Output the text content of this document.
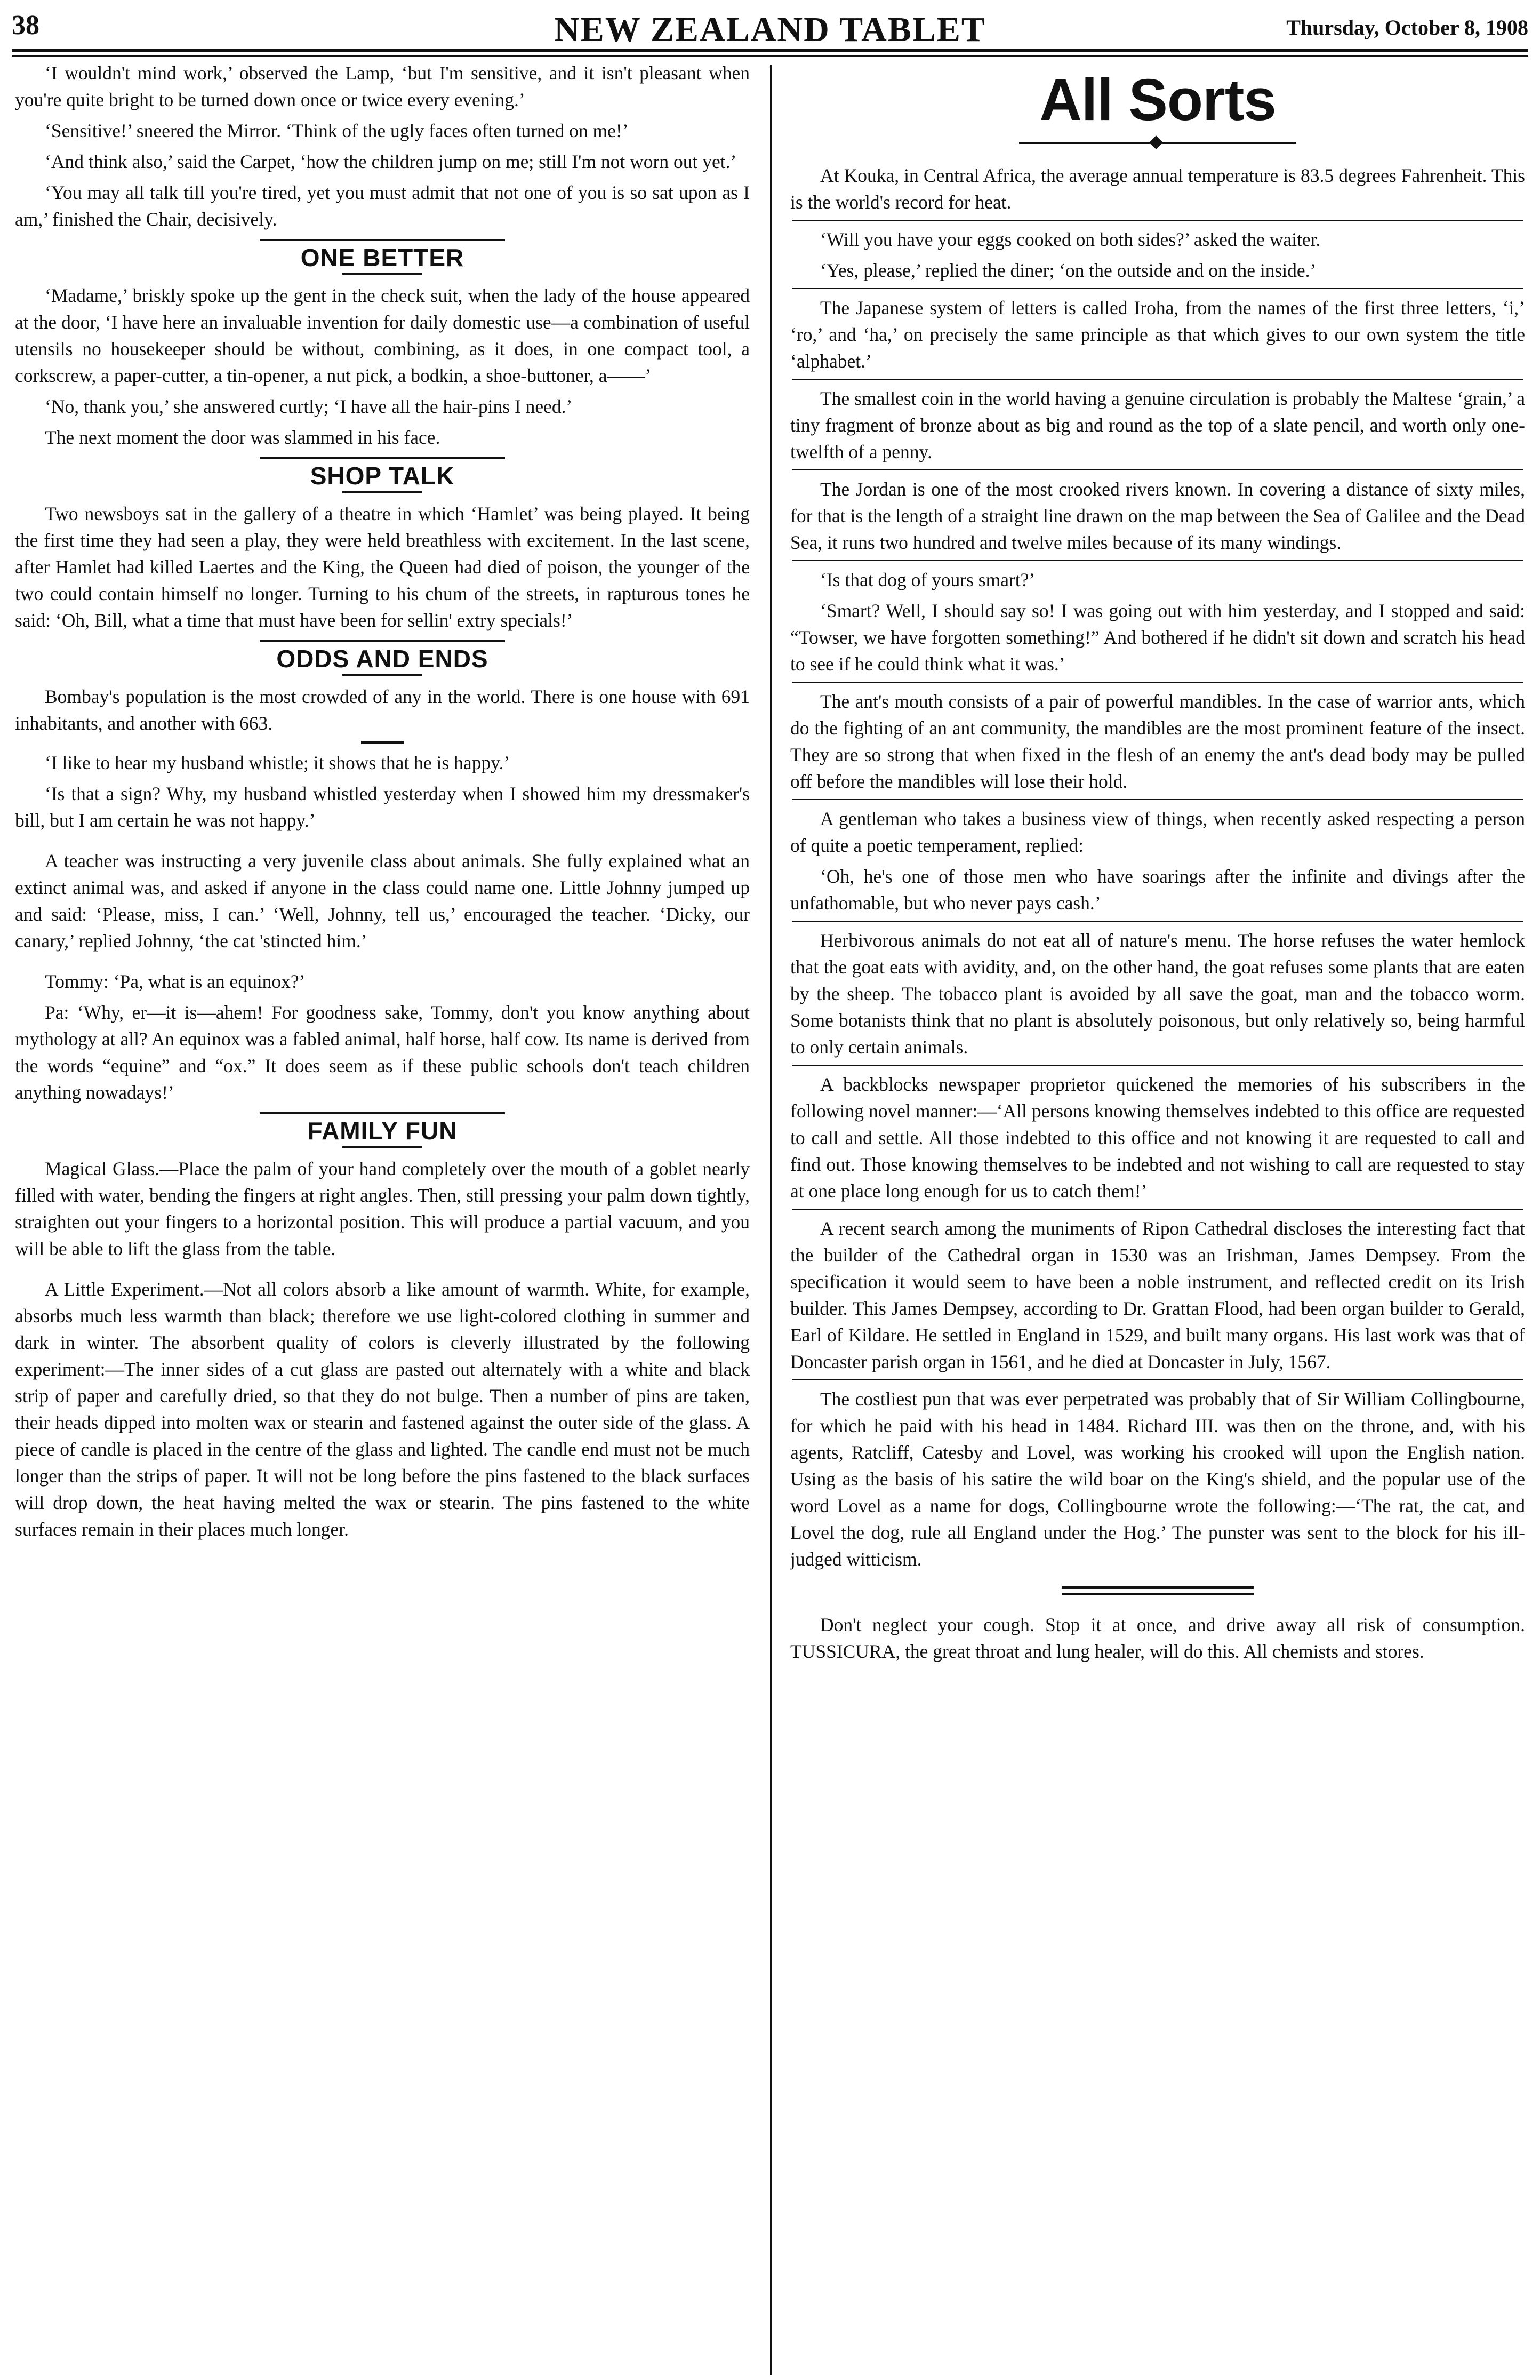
38	NEW ZEALAND TABLET	Thursday, October 8, 1908

‘I wouldn't mind work,’ observed the Lamp, ‘but I'm sensitive, and it isn't pleasant when you're quite bright to be turned down once or twice every evening.’

‘Sensitive!’ sneered the Mirror. ‘Think of the ugly faces often turned on me!’

‘And think also,’ said the Carpet, ‘how the children jump on me; still I'm not worn out yet.’

‘You may all talk till you're tired, yet you must admit that not one of you is so sat upon as I am,’ finished the Chair, decisively.

ONE BETTER

‘Madame,’ briskly spoke up the gent in the check suit, when the lady of the house appeared at the door, ‘I have here an invaluable invention for daily domestic use—a combination of useful utensils no housekeeper should be without, combining, as it does, in one compact tool, a corkscrew, a paper-cutter, a tin-opener, a nut pick, a bodkin, a shoe-buttoner, a——’

‘No, thank you,’ she answered curtly; ‘I have all the hair-pins I need.’

The next moment the door was slammed in his face.

SHOP TALK

Two newsboys sat in the gallery of a theatre in which ‘Hamlet’ was being played. It being the first time they had seen a play, they were held breathless with excitement. In the last scene, after Hamlet had killed Laertes and the King, the Queen had died of poison, the younger of the two could contain himself no longer. Turning to his chum of the streets, in rapturous tones he said: ‘Oh, Bill, what a time that must have been for sellin' extry specials!’

ODDS AND ENDS

Bombay's population is the most crowded of any in the world. There is one house with 691 inhabitants, and another with 663.

‘I like to hear my husband whistle; it shows that he is happy.’

‘Is that a sign? Why, my husband whistled yesterday when I showed him my dressmaker's bill, but I am certain he was not happy.’

A teacher was instructing a very juvenile class about animals. She fully explained what an extinct animal was, and asked if anyone in the class could name one. Little Johnny jumped up and said: ‘Please, miss, I can.’ ‘Well, Johnny, tell us,’ encouraged the teacher. ‘Dicky, our canary,’ replied Johnny, ‘the cat 'stincted him.’

Tommy: ‘Pa, what is an equinox?’

Pa: ‘Why, er—it is—ahem! For goodness sake, Tommy, don't you know anything about mythology at all? An equinox was a fabled animal, half horse, half cow. Its name is derived from the words “equine” and “ox.” It does seem as if these public schools don't teach children anything nowadays!’

FAMILY FUN

Magical Glass.—Place the palm of your hand completely over the mouth of a goblet nearly filled with water, bending the fingers at right angles. Then, still pressing your palm down tightly, straighten out your fingers to a horizontal position. This will produce a partial vacuum, and you will be able to lift the glass from the table.

A Little Experiment.—Not all colors absorb a like amount of warmth. White, for example, absorbs much less warmth than black; therefore we use light-colored clothing in summer and dark in winter. The absorbent quality of colors is cleverly illustrated by the following experiment:—The inner sides of a cut glass are pasted out alternately with a white and black strip of paper and carefully dried, so that they do not bulge. Then a number of pins are taken, their heads dipped into molten wax or stearin and fastened against the outer side of the glass. A piece of candle is placed in the centre of the glass and lighted. The candle end must not be much longer than the strips of paper. It will not be long before the pins fastened to the black surfaces will drop down, the heat having melted the wax or stearin. The pins fastened to the white surfaces remain in their places much longer.

All Sorts

At Kouka, in Central Africa, the average annual temperature is 83.5 degrees Fahrenheit. This is the world's record for heat.

‘Will you have your eggs cooked on both sides?’ asked the waiter.

‘Yes, please,’ replied the diner; ‘on the outside and on the inside.’

The Japanese system of letters is called Iroha, from the names of the first three letters, ‘i,’ ‘ro,’ and ‘ha,’ on precisely the same principle as that which gives to our own system the title ‘alphabet.’

The smallest coin in the world having a genuine circulation is probably the Maltese ‘grain,’ a tiny fragment of bronze about as big and round as the top of a slate pencil, and worth only one-twelfth of a penny.

The Jordan is one of the most crooked rivers known. In covering a distance of sixty miles, for that is the length of a straight line drawn on the map between the Sea of Galilee and the Dead Sea, it runs two hundred and twelve miles because of its many windings.

‘Is that dog of yours smart?’

‘Smart? Well, I should say so! I was going out with him yesterday, and I stopped and said: “Towser, we have forgotten something!” And bothered if he didn't sit down and scratch his head to see if he could think what it was.’

The ant's mouth consists of a pair of powerful mandibles. In the case of warrior ants, which do the fighting of an ant community, the mandibles are the most prominent feature of the insect. They are so strong that when fixed in the flesh of an enemy the ant's dead body may be pulled off before the mandibles will lose their hold.

A gentleman who takes a business view of things, when recently asked respecting a person of quite a poetic temperament, replied:

‘Oh, he's one of those men who have soarings after the infinite and divings after the unfathomable, but who never pays cash.’

Herbivorous animals do not eat all of nature's menu. The horse refuses the water hemlock that the goat eats with avidity, and, on the other hand, the goat refuses some plants that are eaten by the sheep. The tobacco plant is avoided by all save the goat, man and the tobacco worm. Some botanists think that no plant is absolutely poisonous, but only relatively so, being harmful to only certain animals.

A backblocks newspaper proprietor quickened the memories of his subscribers in the following novel manner:—‘All persons knowing themselves indebted to this office are requested to call and settle. All those indebted to this office and not knowing it are requested to call and find out. Those knowing themselves to be indebted and not wishing to call are requested to stay at one place long enough for us to catch them!’

A recent search among the muniments of Ripon Cathedral discloses the interesting fact that the builder of the Cathedral organ in 1530 was an Irishman, James Dempsey. From the specification it would seem to have been a noble instrument, and reflected credit on its Irish builder. This James Dempsey, according to Dr. Grattan Flood, had been organ builder to Gerald, Earl of Kildare. He settled in England in 1529, and built many organs. His last work was that of Doncaster parish organ in 1561, and he died at Doncaster in July, 1567.

The costliest pun that was ever perpetrated was probably that of Sir William Collingbourne, for which he paid with his head in 1484. Richard III. was then on the throne, and, with his agents, Ratcliff, Catesby and Lovel, was working his crooked will upon the English nation. Using as the basis of his satire the wild boar on the King's shield, and the popular use of the word Lovel as a name for dogs, Collingbourne wrote the following:—‘The rat, the cat, and Lovel the dog, rule all England under the Hog.’ The punster was sent to the block for his ill-judged witticism.

Don't neglect your cough. Stop it at once, and drive away all risk of consumption. TUSSICURA, the great throat and lung healer, will do this. All chemists and stores.
